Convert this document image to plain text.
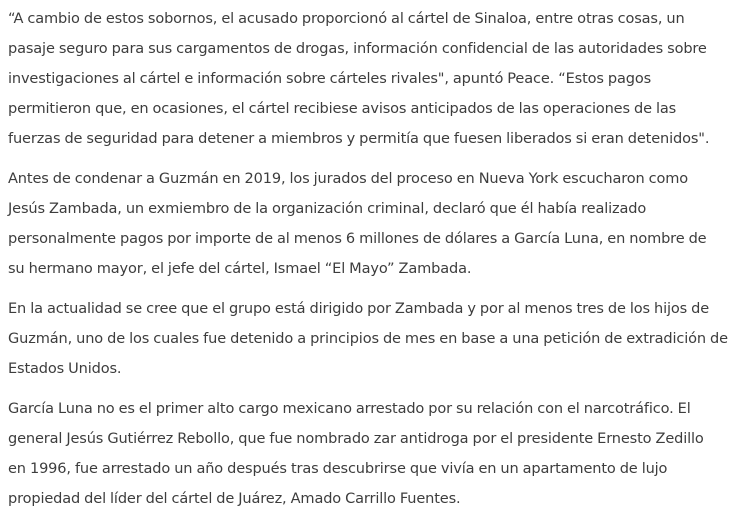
“A cambio de estos sobornos, el acusado proporcionó al cártel de Sinaloa, entre otras cosas, un
pasaje seguro para sus cargamentos de drogas, información confidencial de las autoridades sobre
investigaciones al cártel e información sobre cárteles rivales", apuntó Peace. “Estos pagos
permitieron que, en ocasiones, el cártel recibiese avisos anticipados de las operaciones de las
fuerzas de seguridad para detener a miembros y permitía que fuesen liberados si eran detenidos".

Antes de condenar a Guzmán en 2019, los jurados del proceso en Nueva York escucharon como
Jesús Zambada, un exmiembro de la organización criminal, declaró que él había realizado
personalmente pagos por importe de al menos 6 millones de dólares a García Luna, en nombre de
su hermano mayor, el jefe del cártel, Ismael “El Mayo” Zambada.

En la actualidad se cree que el grupo está dirigido por Zambada y por al menos tres de los hijos de
Guzmán, uno de los cuales fue detenido a principios de mes en base a una petición de extradición de
Estados Unidos.

García Luna no es el primer alto cargo mexicano arrestado por su relación con el narcotráfico. El
general Jesús Gutiérrez Rebollo, que fue nombrado zar antidroga por el presidente Ernesto Zedillo
en 1996, fue arrestado un año después tras descubrirse que vivía en un apartamento de lujo
propiedad del líder del cártel de Juárez, Amado Carrillo Fuentes.
